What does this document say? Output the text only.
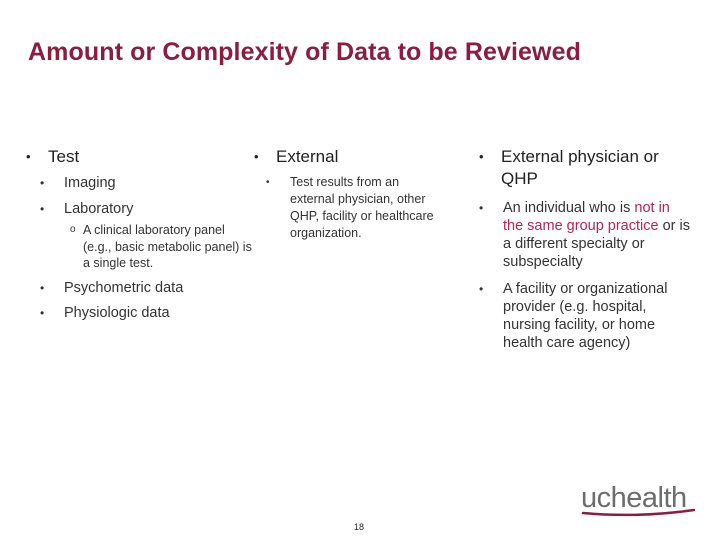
Amount or Complexity of Data to be Reviewed
• Test
• Imaging
• Laboratory
o A clinical laboratory panel (e.g., basic metabolic panel) is a single test.
• Psychometric data
• Physiologic data
• External
• Test results from an external physician, other QHP, facility or healthcare organization.
• External physician or QHP
• An individual who is not in the same group practice or is a different specialty or subspecialty
• A facility or organizational provider (e.g. hospital, nursing facility, or home health care agency)
18
uchealth
